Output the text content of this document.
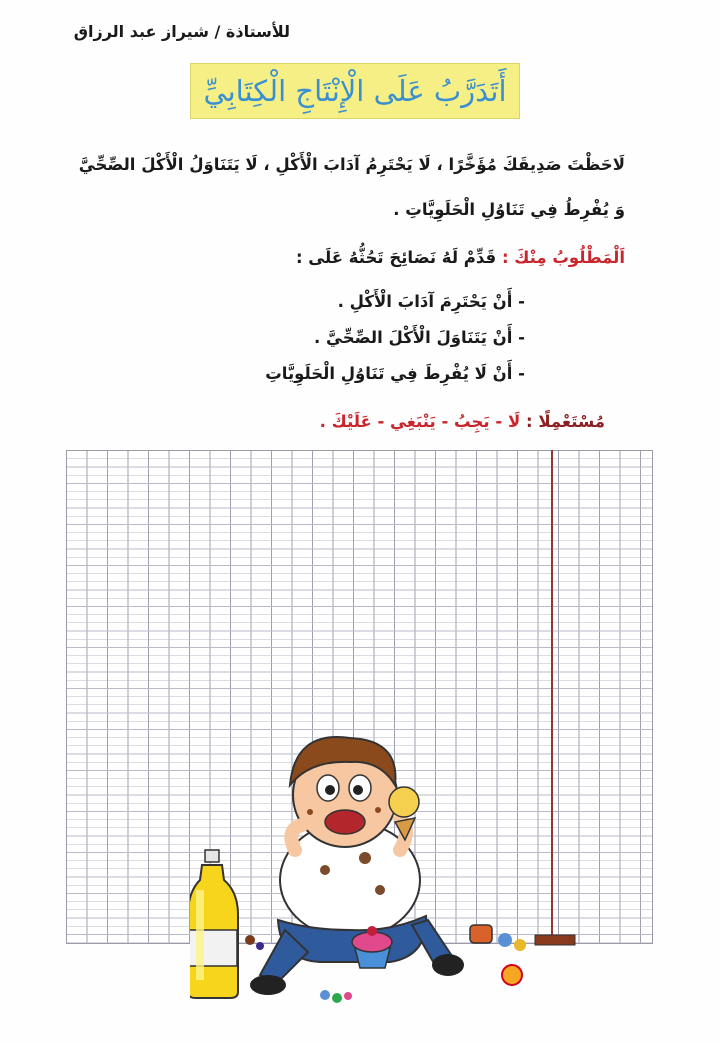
للأستاذة / شيراز عبد الرزاق
أَتَدَرَّبُ عَلَى الْإِنْتَاجِ الْكِتَابِيِّ
لَاحَظْتَ صَدِيقَكَ مُؤَخَّرًا ، لَا يَحْتَرِمُ آدَابَ الْأَكْلِ ، لَا يَتَنَاوَلُ الْأَكْلَ الصِّحِّيَّ
وَ يُفْرِطُ فِي تَنَاوُلِ الْحَلَوِيَّاتِ .
اَلْمَطْلُوبُ مِنْكَ : قَدِّمْ لَهُ نَصَائِحَ تَحُثُّهُ عَلَى :
- أَنْ يَحْتَرِمَ آدَابَ الْأَكْلِ .
- أَنْ يَتَنَاوَلَ الْأَكْلَ الصِّحِّيَّ .
- أَنْ لَا يُفْرِطَ فِي تَنَاوُلِ الْحَلَوِيَّاتِ
مُسْتَعْمِلًا : لَا - يَجِبُ - يَنْبَغِي - عَلَيْكَ .
